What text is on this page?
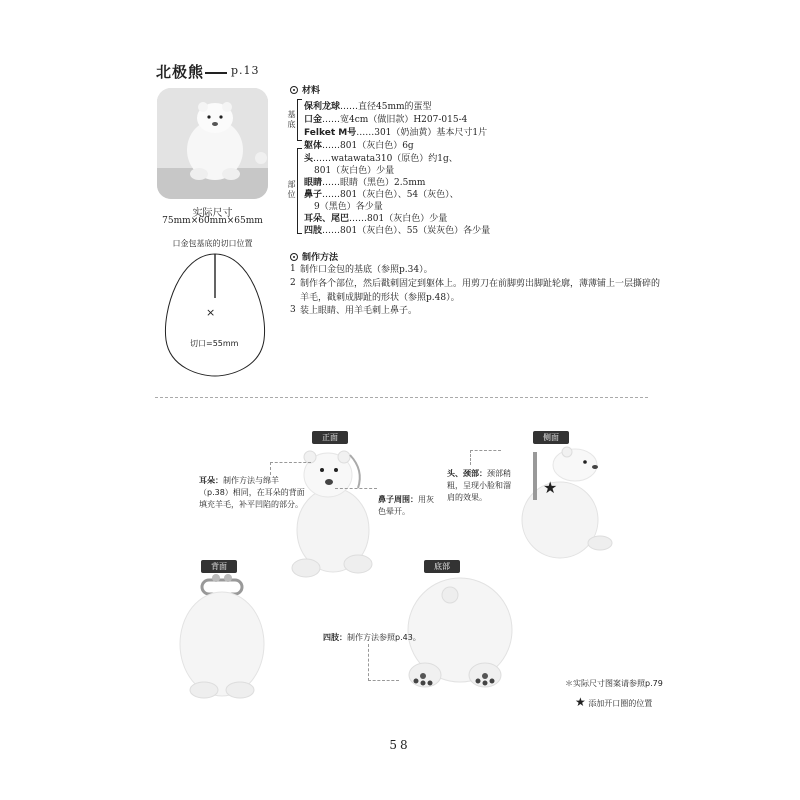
北极熊 p.13
实际尺寸
75mm×60mm×65mm
口金包基底的切口位置
×
切口=55mm
材料
基底
部位
保利龙球……直径45mm的蛋型
口金……宽4cm（做旧款）H207-015-4
Felket M号……301（奶油黄）基本尺寸1片
躯体……801（灰白色）6g
头……watawata310（原色）约1g、
801（灰白色）少量
眼睛……眼睛（黑色）2.5mm
鼻子……801（灰白色）、54（灰色）、
9（黑色）各少量
耳朵、尾巴……801（灰白色）少量
四肢……801（灰白色）、55（炭灰色）各少量
制作方法
1 制作口金包的基底（参照p.34）。
2 制作各个部位，然后戳刺固定到躯体上。用剪刀在前脚剪出脚趾轮廓，薄薄铺上一层撕碎的羊毛，戳刺成脚趾的形状（参照p.48）。
3 装上眼睛、用羊毛刺上鼻子。
正面
耳朵：制作方法与绵羊（p.38）相同，在耳朵的背面填充羊毛，补平凹陷的部分。
鼻子周围：用灰色晕开。
侧面
★
头、颈部：颈部稍粗，呈现小脸和溜肩的效果。
背面	底部
四肢：制作方法参照p.43。
＊实际尺寸图案请参照p.79
★ 添加开口圈的位置
58
